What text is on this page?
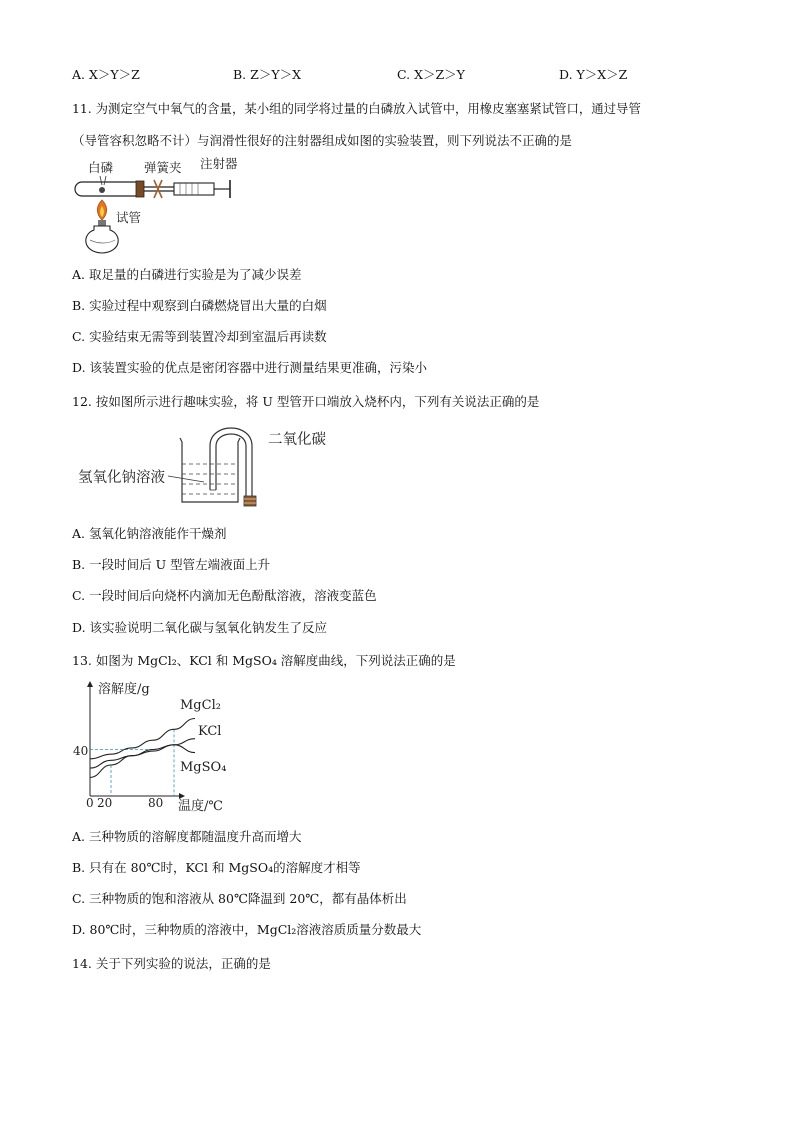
A. X＞Y＞Z	B. Z＞Y＞X	C. X＞Z＞Y	D. Y＞X＞Z
11. 为测定空气中氧气的含量，某小组的同学将过量的白磷放入试管中，用橡皮塞塞紧试管口，通过导管
（导管容积忽略不计）与润滑性很好的注射器组成如图的实验装置，则下列说法不正确的是
白磷 弹簧夹 注射器
试管
A. 取足量的白磷进行实验是为了减少误差
B. 实验过程中观察到白磷燃烧冒出大量的白烟
C. 实验结束无需等到装置冷却到室温后再读数
D. 该装置实验的优点是密闭容器中进行测量结果更准确，污染小
12. 按如图所示进行趣味实验，将 U 型管开口端放入烧杯内，下列有关说法正确的是
二氧化碳
氢氧化钠溶液
A. 氢氧化钠溶液能作干燥剂
B. 一段时间后 U 型管左端液面上升
C. 一段时间后向烧杯内滴加无色酚酞溶液，溶液变蓝色
D. 该实验说明二氧化碳与氢氧化钠发生了反应
13. 如图为 MgCl₂、KCl 和 MgSO₄ 溶解度曲线，下列说法正确的是
溶解度/g
温度/℃
0 20	80
40
MgCl₂
KCl
MgSO₄
A. 三种物质的溶解度都随温度升高而增大
B. 只有在 80℃时，KCl 和 MgSO₄的溶解度才相等
C. 三种物质的饱和溶液从 80℃降温到 20℃，都有晶体析出
D. 80℃时，三种物质的溶液中，MgCl₂溶液溶质质量分数最大
14. 关于下列实验的说法，正确的是
